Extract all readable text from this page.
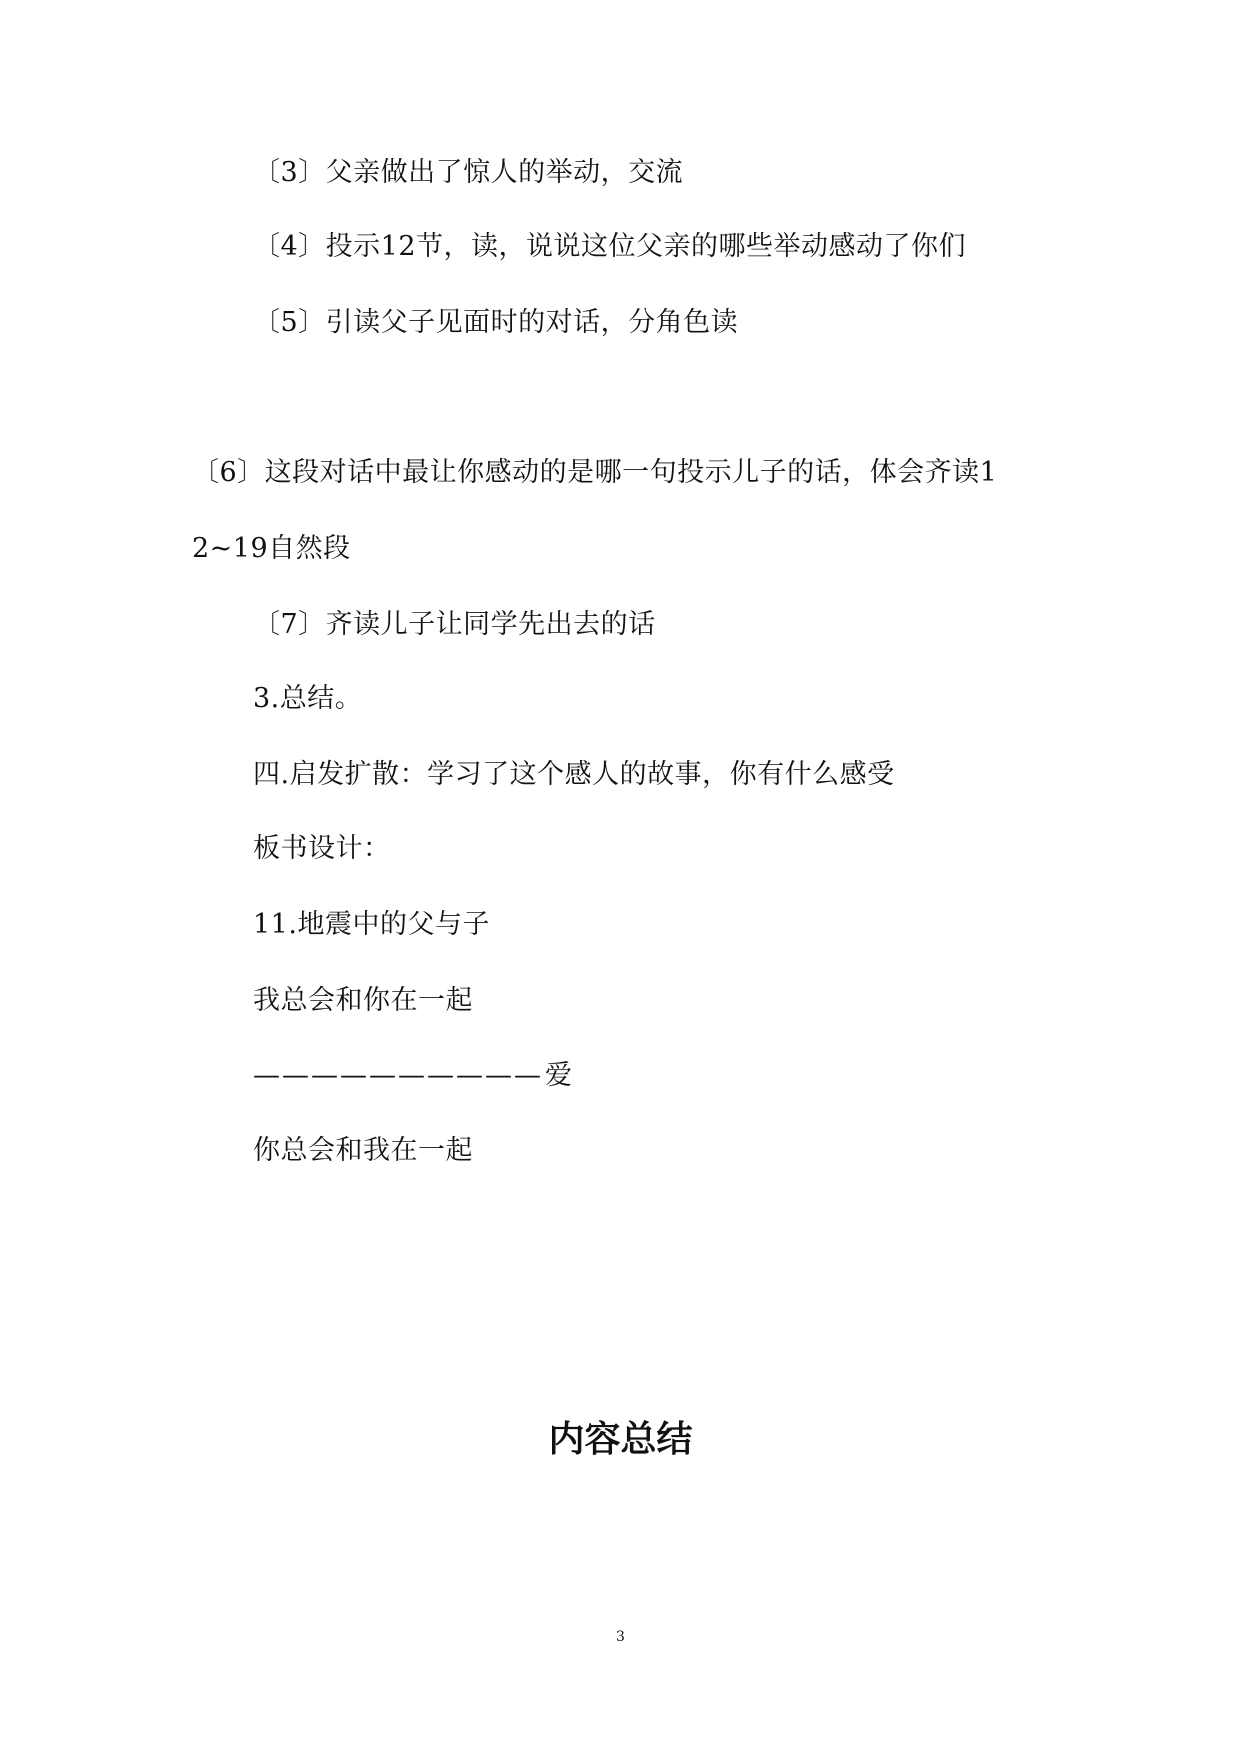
〔3〕父亲做出了惊人的举动，交流
〔4〕投示12节，读，说说这位父亲的哪些举动感动了你们
〔5〕引读父子见面时的对话，分角色读
〔6〕这段对话中最让你感动的是哪一句投示儿子的话，体会齐读1
2~19自然段
〔7〕齐读儿子让同学先出去的话
3.总结。
四.启发扩散：学习了这个感人的故事，你有什么感受
板书设计：
11.地震中的父与子
我总会和你在一起
—————————— 爱
你总会和我在一起
内容总结
3
